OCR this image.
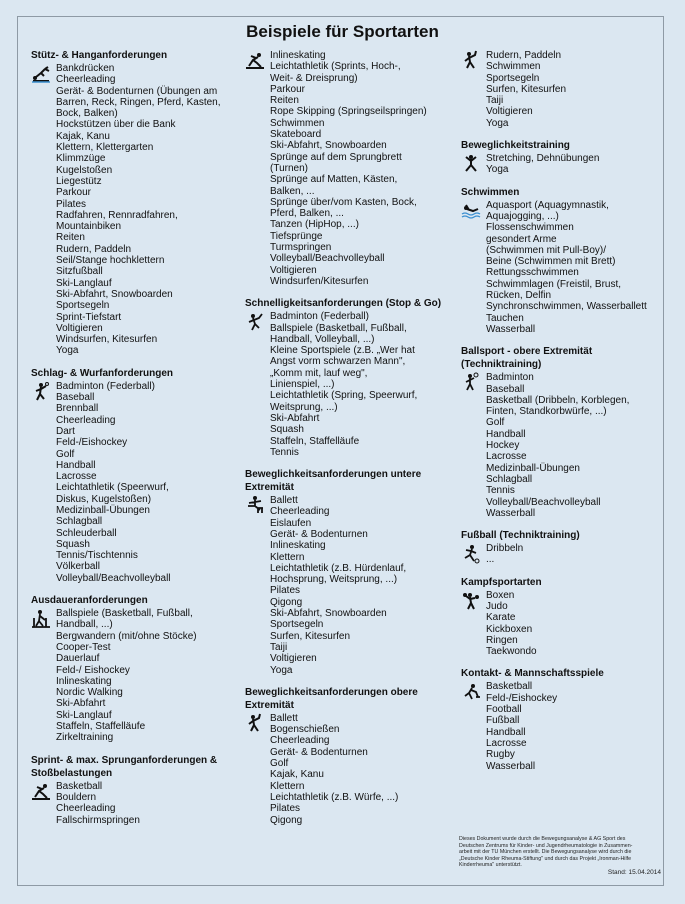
Beispiele für Sportarten
Stütz- & Hanganforderungen
Bankdrücken
Cheerleading
Gerät- & Bodenturnen (Übungen am
Barren, Reck, Ringen, Pferd, Kasten,
Bock, Balken)
Hockstützen über die Bank
Kajak, Kanu
Klettern, Klettergarten
Klimmzüge
Kugelstoßen
Liegestütz
Parkour
Pilates
Radfahren, Rennradfahren,
Mountainbiken
Reiten
Rudern, Paddeln
Seil/Stange hochklettern
Sitzfußball
Ski-Langlauf
Ski-Abfahrt, Snowboarden
Sportsegeln
Sprint-Tiefstart
Voltigieren
Windsurfen, Kitesurfen
Yoga
Schlag- & Wurfanforderungen
Badminton (Federball)
Baseball
Brennball
Cheerleading
Dart
Feld-/Eishockey
Golf
Handball
Lacrosse
Leichtathletik (Speerwurf,
Diskus, Kugelstoßen)
Medizinball-Übungen
Schlagball
Schleuderball
Squash
Tennis/Tischtennis
Völkerball
Volleyball/Beachvolleyball
Ausdaueranforderungen
Ballspiele (Basketball, Fußball,
Handball, ...)
Bergwandern (mit/ohne Stöcke)
Cooper-Test
Dauerlauf
Feld-/ Eishockey
Inlineskating
Nordic Walking
Ski-Abfahrt
Ski-Langlauf
Staffeln, Staffelläufe
Zirkeltraining
Sprint- & max. Sprunganforderungen &
Stoßbelastungen
Basketball
Bouldern
Cheerleading
Fallschirmspringen
Inlineskating
Leichtathletik (Sprints, Hoch-,
Weit- & Dreisprung)
Parkour
Reiten
Rope Skipping (Springseilspringen)
Schwimmen
Skateboard
Ski-Abfahrt, Snowboarden
Sprünge auf dem Sprungbrett
(Turnen)
Sprünge auf Matten, Kästen,
Balken, ...
Sprünge über/vom Kasten, Bock,
Pferd, Balken, ...
Tanzen (HipHop, ...)
Tiefsprünge
Turmspringen
Volleyball/Beachvolleyball
Voltigieren
Windsurfen/Kitesurfen
Schnelligkeitsanforderungen (Stop & Go)
Badminton (Federball)
Ballspiele (Basketball, Fußball,
Handball, Volleyball, ...)
Kleine Sportspiele (z.B. „Wer hat
Angst vorm schwarzen Mann",
„Komm mit, lauf weg",
Linienspiel, ...)
Leichtathletik (Spring, Speerwurf,
Weitsprung, ...)
Ski-Abfahrt
Squash
Staffeln, Staffelläufe
Tennis
Beweglichkeitsanforderungen untere
Extremität
Ballett
Cheerleading
Eislaufen
Gerät- & Bodenturnen
Inlineskating
Klettern
Leichtathletik (z.B. Hürdenlauf,
Hochsprung, Weitsprung, ...)
Pilates
Qigong
Ski-Abfahrt, Snowboarden
Sportsegeln
Surfen, Kitesurfen
Taiji
Voltigieren
Yoga
Beweglichkeitsanforderungen obere
Extremität
Ballett
Bogenschießen
Cheerleading
Gerät- & Bodenturnen
Golf
Kajak, Kanu
Klettern
Leichtathletik (z.B. Würfe, ...)
Pilates
Qigong
Rudern, Paddeln
Schwimmen
Sportsegeln
Surfen, Kitesurfen
Taiji
Voltigieren
Yoga
Beweglichkeitstraining
Stretching, Dehnübungen
Yoga
Schwimmen
Aquasport (Aquagymnastik,
Aquajogging, ...)
Flossenschwimmen
gesondert Arme
(Schwimmen mit Pull-Boy)/
Beine (Schwimmen mit Brett)
Rettungsschwimmen
Schwimmlagen (Freistil, Brust,
Rücken, Delfin
Synchronschwimmen, Wasserballett
Tauchen
Wasserball
Ballsport - obere Extremität
(Techniktraining)
Badminton
Baseball
Basketball (Dribbeln, Korblegen,
Finten, Standkorbwürfe, ...)
Golf
Handball
Hockey
Lacrosse
Medizinball-Übungen
Schlagball
Tennis
Volleyball/Beachvolleyball
Wasserball
Fußball (Techniktraining)
Dribbeln
...
Kampfsportarten
Boxen
Judo
Karate
Kickboxen
Ringen
Taekwondo
Kontakt- & Mannschaftsspiele
Basketball
Feld-/Eishockey
Football
Fußball
Handball
Lacrosse
Rugby
Wasserball
Dieses Dokument wurde durch die Bewegungsanalyse & AG Sport des
Deutschen Zentrums für Kinder- und Jugendrheumatologie in Zusammen-
arbeit mit der TU München erstellt. Die Bewegungsanalyse wird durch die
„Deutsche Kinder Rheuma-Stiftung" und durch das Projekt „Ironman-Hilfe
Kinderrheuma" unterstützt.
Stand: 15.04.2014
